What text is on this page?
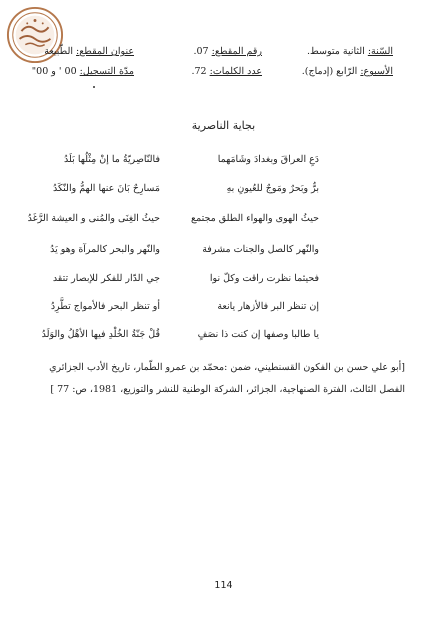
السّنة: الثانية متوسط.
رقم المقطع: 07.
عنوان المقطع: الطّبيعة
الأسبوع: الرّابع (إدماج).
عدد الكلمات: 72.
مدّة التسجيل: 00 ' و 00"
بجاية الناصرية
دَعِ العراقَ وبغدادَ وشَامَهما
فالنّاصِريّةُ ما إنْ مِثْلُها بَلَدُ
برٌّ وبَحرٌ ومَوجٌ للعُيونِ بهِ
مَسارِحٌ بَانَ عنها الهمُّ والنّكَدُ
حيثُ الهوى والهواء الطلق مجتمع
حيثُ الغِنَى والمُنى و العيشة الرَّغَدُ
والنّهر كالصل والجنات مشرفة
والنّهر والبحر كالمرآة وهو يَدُ
فحيثما نظرت راقت وكلّ نوا
جي الدّار للفكر للإبصار تتقد
إن تنظر البر فالأزهار يانعة
أو تنظر البحر فالأمواج تطَّرِدُ
يا طالبا وصفها إن كنت ذا نصَفٍ
قُلْ جَنّةُ الخُلْدِ فيها الأهْلُ والوَلَدُ
[أبو علي حسن بن الفكون القسنطيني، ضمن :محمّد بن عمرو الطّمار، تاريخ الأدب الجزائري
الفصل الثالث، الفترة الصنهاجية، الجزائر، الشركة الوطنية للنشر والتوزيع، 1981، ص: 77 ]
114
